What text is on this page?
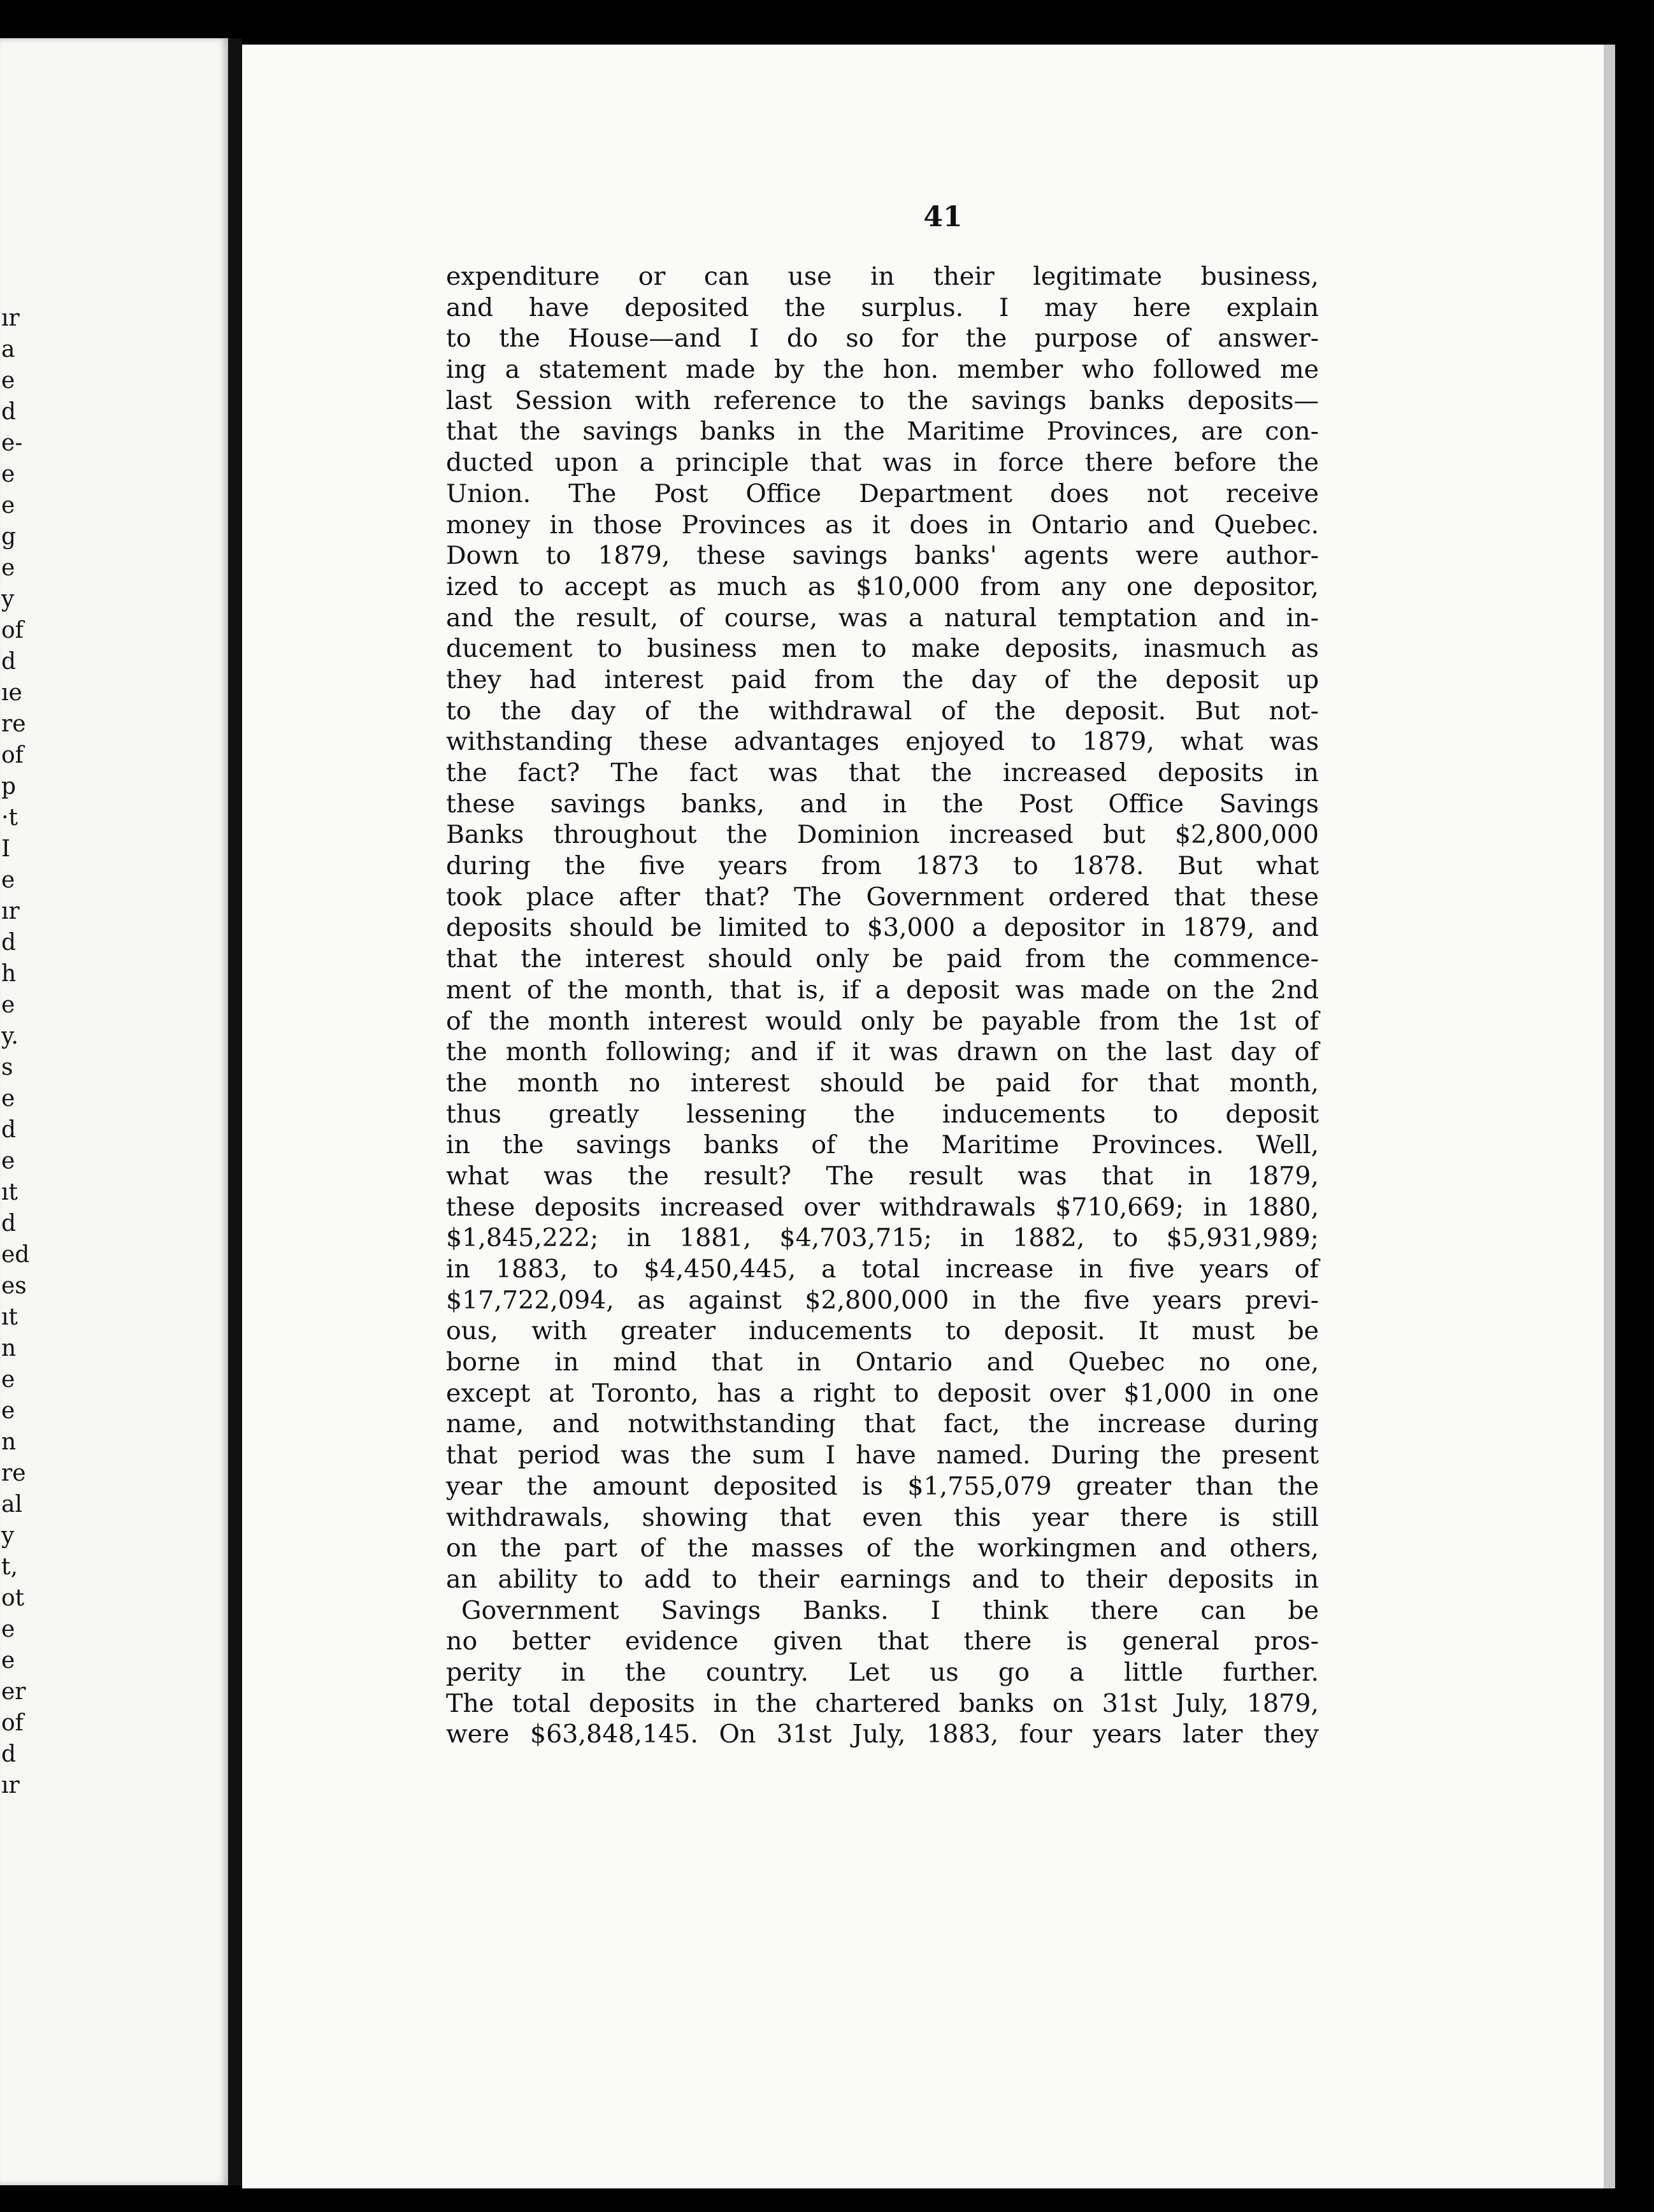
ır
a
e
d
e-
e
e
g
e
y
of
d
ıe
re
of
p
·t
I
e
ır
d
h
e
y.
s
e
d
e
ıt
d
ed
es
ıt
n
e
e
n
re
al
y
t,
ot
e
e
er
of
d
ır
41
expenditure or can use in their legitimate business,
and have deposited the surplus. I may here explain
to the House—and I do so for the purpose of answer-
ing a statement made by the hon. member who followed me
last Session with reference to the savings banks deposits—
that the savings banks in the Maritime Provinces, are con-
ducted upon a principle that was in force there before the
Union. The Post Office Department does not receive
money in those Provinces as it does in Ontario and Quebec.
Down to 1879, these savings banks' agents were author-
ized to accept as much as $10,000 from any one depositor,
and the result, of course, was a natural temptation and in-
ducement to business men to make deposits, inasmuch as
they had interest paid from the day of the deposit up
to the day of the withdrawal of the deposit. But not-
withstanding these advantages enjoyed to 1879, what was
the fact? The fact was that the increased deposits in
these savings banks, and in the Post Office Savings
Banks throughout the Dominion increased but $2,800,000
during the five years from 1873 to 1878. But what
took place after that? The Government ordered that these
deposits should be limited to $3,000 a depositor in 1879, and
that the interest should only be paid from the commence-
ment of the month, that is, if a deposit was made on the 2nd
of the month interest would only be payable from the 1st of
the month following; and if it was drawn on the last day of
the month no interest should be paid for that month,
thus greatly lessening the inducements to deposit
in the savings banks of the Maritime Provinces. Well,
what was the result? The result was that in 1879,
these deposits increased over withdrawals $710,669; in 1880,
$1,845,222; in 1881, $4,703,715; in 1882, to $5,931,989;
in 1883, to $4,450,445, a total increase in five years of
$17,722,094, as against $2,800,000 in the five years previ-
ous, with greater inducements to deposit. It must be
borne in mind that in Ontario and Quebec no one,
except at Toronto, has a right to deposit over $1,000 in one
name, and notwithstanding that fact, the increase during
that period was the sum I have named. During the present
year the amount deposited is $1,755,079 greater than the
withdrawals, showing that even this year there is still
on the part of the masses of the workingmen and others,
an ability to add to their earnings and to their deposits in
Government Savings Banks. I think there can be
no better evidence given that there is general pros-
perity in the country. Let us go a little further.
The total deposits in the chartered banks on 31st July, 1879,
were $63,848,145. On 31st July, 1883, four years later they
